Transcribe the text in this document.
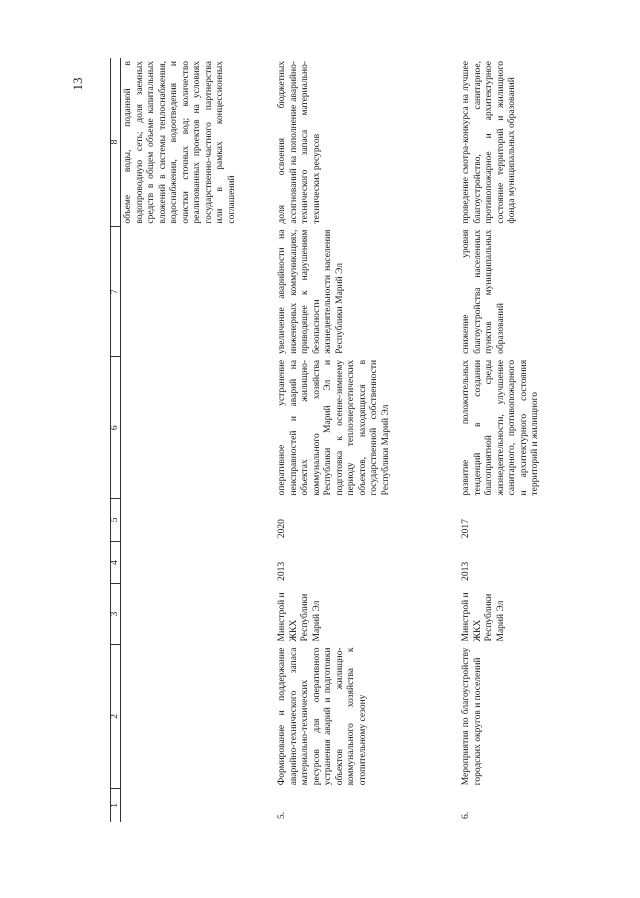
13
1	2	3	4	5	6	7	8
							объеме воды, поданной в водопроводную сеть; доля заемных средств в общем объеме капитальных вложений в системы теплоснабжения, водоснабжения, водоотведения и очистки сточных вод; количество реализованных проектов на условиях государственно-частного партнерства или в рамках концессионных соглашений
5.	Формирование и поддержание аварийно-технического запаса материально-технических ресурсов для оперативного устранения аварий и подготовки объектов жилищно-коммунального хозяйства к отопительному сезону	Минстрой и ЖКХ Республики Марий Эл	2013	2020	оперативное устранение неисправностей и аварий на объектах жилищно-коммунального хозяйства Республики Марий Эл и подготовка к осенне-зимнему периоду теплоэнергетических объектов, находящихся в государственной собственности Республики Марий Эл	увеличение аварийности на инженерных коммуникациях, приводящее к нарушениям безопасности жизнедеятельности населения Республики Марий Эл	доля освоения бюджетных ассигнований на пополнение аварийно-технического запаса материально-технических ресурсов
6.	Мероприятия по благоустройству городских округов и поселений	Минстрой и ЖКХ Республики Марий Эл	2013	2017	развитие положительных тенденций в создании благоприятной среды жизнедеятельности, улучшение санитарного, противопожарного и архитектурного состояния территорий и жилищного	снижение уровня благоустройства населенных пунктов муниципальных образований	проведение смотра-конкурса на лучшее благоустройство, санитарное, противопожарное и архитектурное состояние территорий и жилищного фонда муниципальных образований
